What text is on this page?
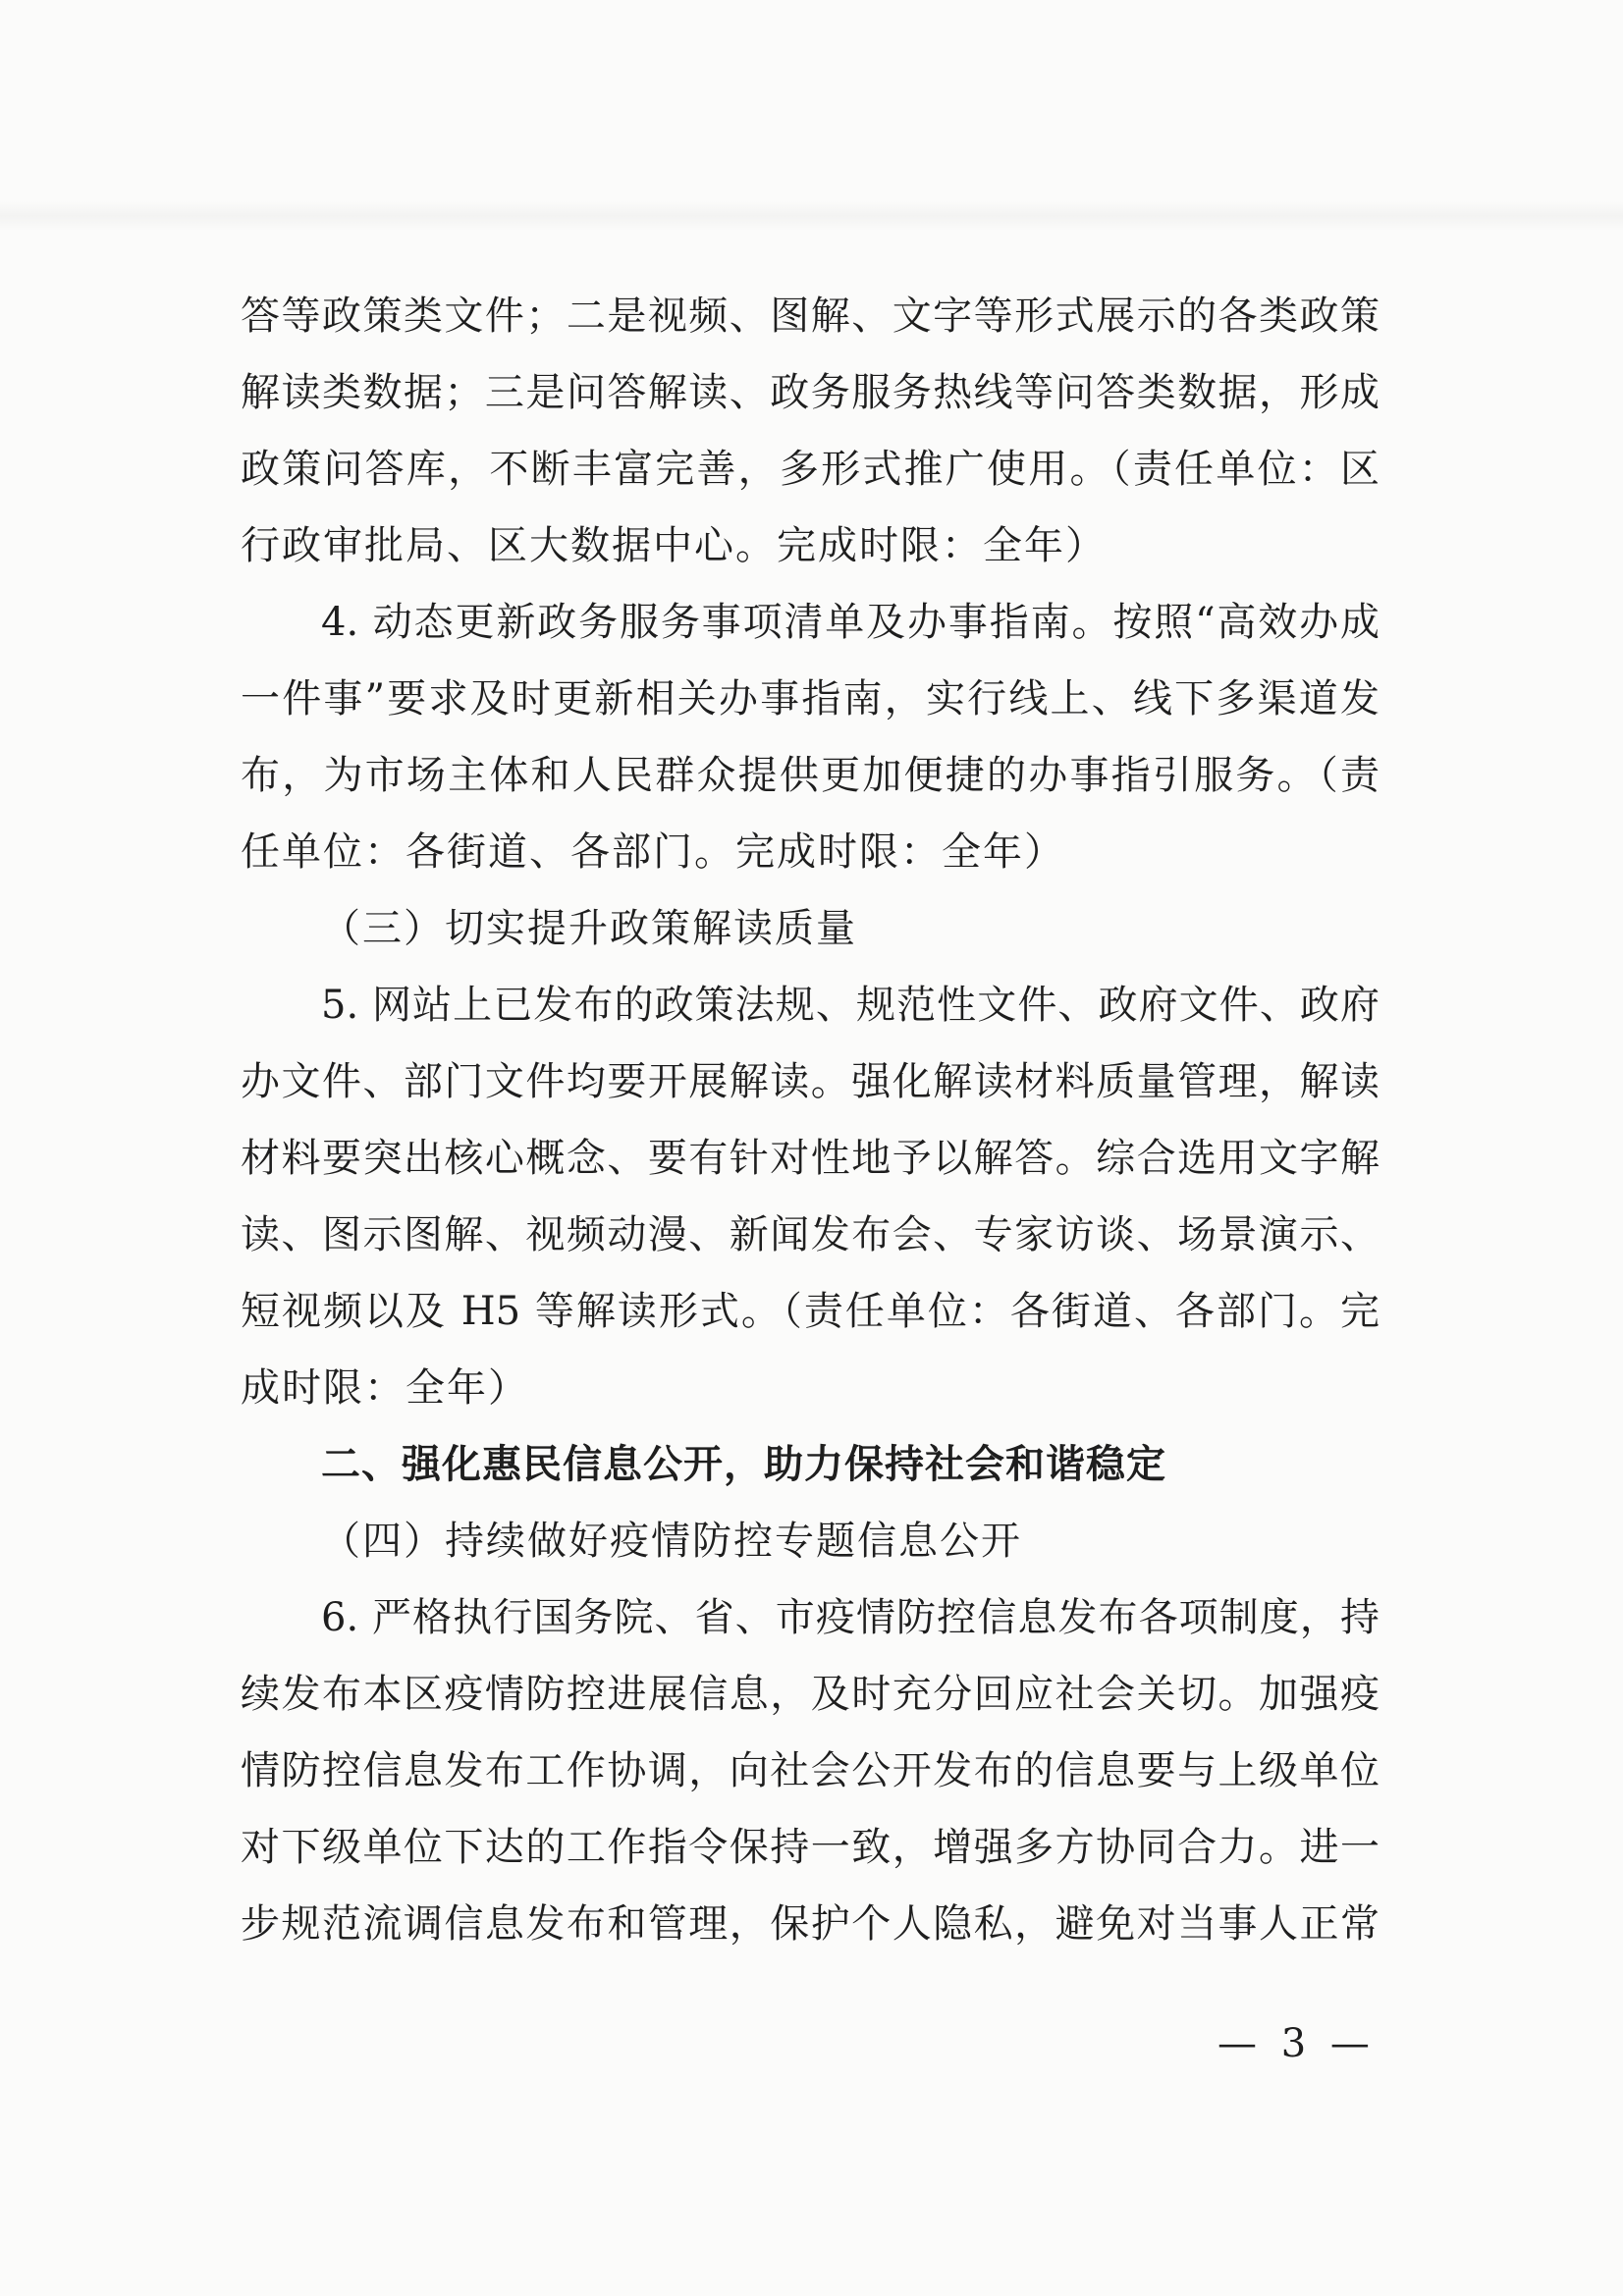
答等政策类文件；二是视频、图解、文字等形式展示的各类政策
解读类数据；三是问答解读、政务服务热线等问答类数据，形成
政策问答库，不断丰富完善，多形式推广使用。（责任单位：区
行政审批局、区大数据中心。完成时限：全年）
4. 动态更新政务服务事项清单及办事指南。按照“高效办成
一件事”要求及时更新相关办事指南，实行线上、线下多渠道发
布，为市场主体和人民群众提供更加便捷的办事指引服务。（责
任单位：各街道、各部门。完成时限：全年）
（三）切实提升政策解读质量
5. 网站上已发布的政策法规、规范性文件、政府文件、政府
办文件、部门文件均要开展解读。强化解读材料质量管理，解读
材料要突出核心概念、要有针对性地予以解答。综合选用文字解
读、图示图解、视频动漫、新闻发布会、专家访谈、场景演示、
短视频以及 H5 等解读形式。（责任单位：各街道、各部门。完
成时限：全年）
二、强化惠民信息公开，助力保持社会和谐稳定
（四）持续做好疫情防控专题信息公开
6. 严格执行国务院、省、市疫情防控信息发布各项制度，持
续发布本区疫情防控进展信息，及时充分回应社会关切。加强疫
情防控信息发布工作协调，向社会公开发布的信息要与上级单位
对下级单位下达的工作指令保持一致，增强多方协同合力。进一
步规范流调信息发布和管理，保护个人隐私，避免对当事人正常
— 3 —
